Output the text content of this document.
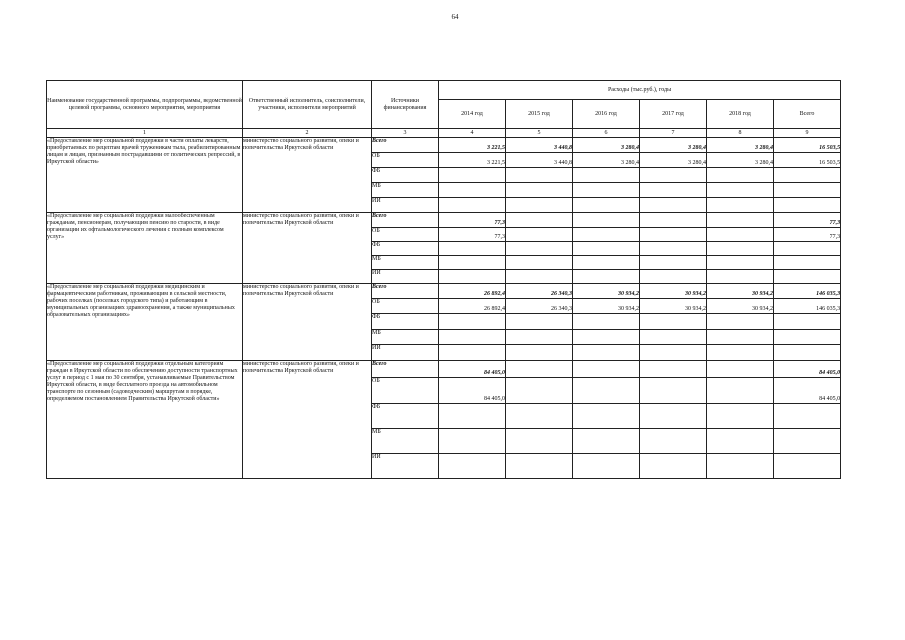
64
Наименование государственной программы, подпрограммы, ведомственной целевой программы, основного мероприятия, мероприятия	Ответственный исполнитель, соисполнители, участники, исполнители мероприятий	Источники финансирования	Расходы (тыс.руб.), годы					
			2014 год	2015 год	2016 год	2017 год	2018 год	Всего
1	2	3	4	5	6	7	8	9
«Предоставление мер социальной поддержки в части оплаты лекарств, приобретаемых по рецептам врачей труженикам тыла, реабилитированным лицам и лицам, признанным пострадавшими от политических репрессий, в Иркутской области»	министерство социального развития, опеки и попечительства Иркутской области	Всего	3 221,5	3 440,8	3 280,4	3 280,4	3 280,4	16 503,5
		ОБ	3 221,5	3 440,8	3 280,4	3 280,4	3 280,4	16 503,5
		ФБ						
		МБ						
		ИИ						
«Предоставление мер социальной поддержки малообеспеченным гражданам, пенсионерам, получающим пенсию по старости, в виде организации их офтальмологического лечения с полным комплексом услуг»	министерство социального развития, опеки и попечительства Иркутской области	Всего	77,3					77,3
		ОБ	77,3					77,3
		ФБ						
		МБ						
		ИИ						
«Предоставление мер социальной поддержки медицинским и фармацевтическим работникам, проживающим в сельской местности, рабочих поселках (поселках городского типа) и работающим в муниципальных организациях здравоохранения, а также муниципальных образовательных организациях»	министерство социального развития, опеки и попечительства Иркутской области	Всего	26 892,4	26 340,3	30 934,2	30 934,2	30 934,2	146 035,3
		ОБ	26 892,4	26 340,3	30 934,2	30 934,2	30 934,2	146 035,3
		ФБ						
		МБ						
		ИИ						
«Предоставление мер социальной поддержки отдельным категориям граждан в Иркутской области по обеспечению доступности транспортных услуг в период с 1 мая по 30 сентября, устанавливаемые Правительством Иркутской области, в виде бесплатного проезда на автомобильном транспорте по сезонным (садоводческим) маршрутам в порядке, определяемом постановлением Правительства Иркутской области»	министерство социального развития, опеки и попечительства Иркутской области	Всего	84 405,0					84 405,0
		ОБ	84 405,0					84 405,0
		ФБ						
		МБ						
		ИИ						
